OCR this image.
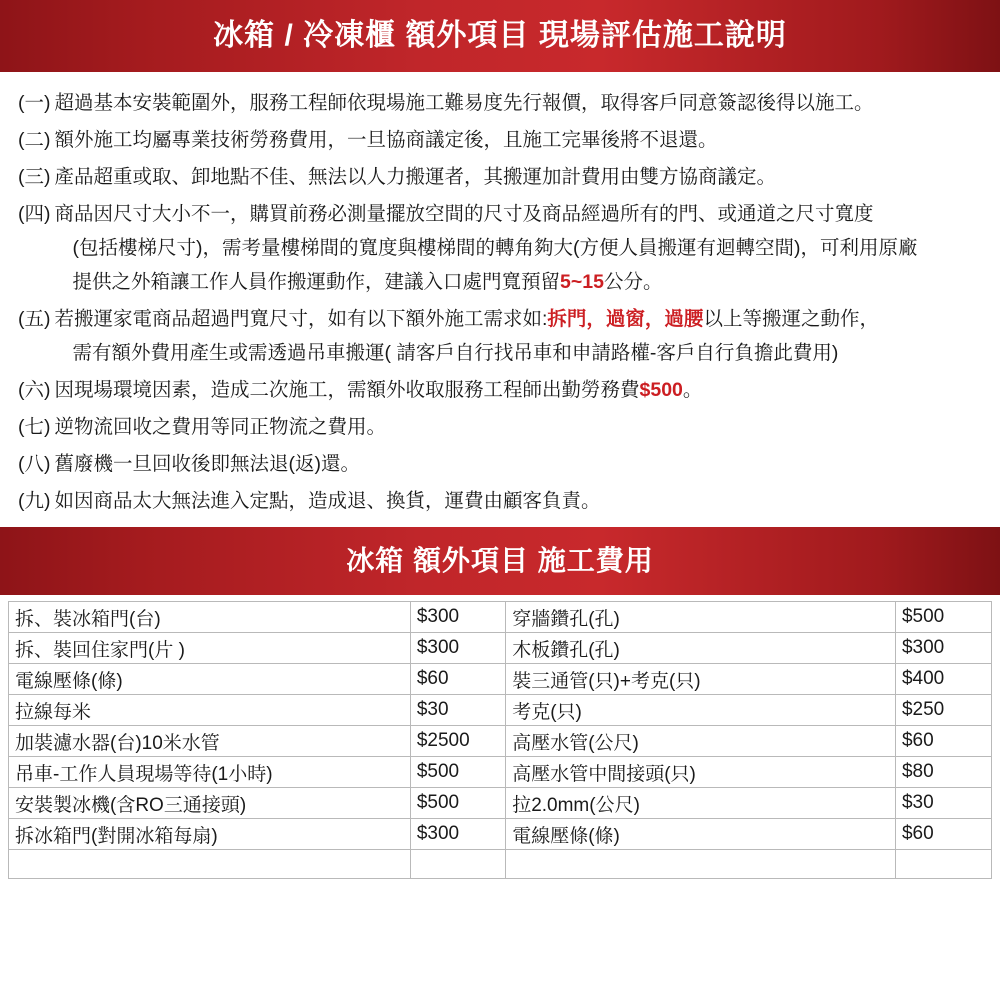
冰箱 / 冷凍櫃 額外項目 現場評估施工說明
(一) 超過基本安裝範圍外，服務工程師依現場施工難易度先行報價，取得客戶同意簽認後得以施工。
(二) 額外施工均屬專業技術勞務費用，一旦協商議定後，且施工完畢後將不退還。
(三) 產品超重或取、卸地點不佳、無法以人力搬運者，其搬運加計費用由雙方協商議定。
(四) 商品因尺寸大小不一，購買前務必測量擺放空間的尺寸及商品經過所有的門、或通道之尺寸寬度
(包括樓梯尺寸)，需考量樓梯間的寬度與樓梯間的轉角夠大(方便人員搬運有迴轉空間)，可利用原廠
提供之外箱讓工作人員作搬運動作，建議入口處門寬預留5~15公分。
(五) 若搬運家電商品超過門寬尺寸，如有以下額外施工需求如:拆門，過窗，過腰以上等搬運之動作，
需有額外費用產生或需透過吊車搬運( 請客戶自行找吊車和申請路權-客戶自行負擔此費用)
(六) 因現場環境因素，造成二次施工，需額外收取服務工程師出勤勞務費$500。
(七) 逆物流回收之費用等同正物流之費用。
(八) 舊廢機一旦回收後即無法退(返)還。
(九) 如因商品太大無法進入定點，造成退、換貨，運費由顧客負責。
冰箱 額外項目 施工費用
拆、裝冰箱門(台)	$300	穿牆鑽孔(孔)	$500
拆、裝回住家門(片 )	$300	木板鑽孔(孔)	$300
電線壓條(條)	$60	裝三通管(只)+考克(只)	$400
拉線每米	$30	考克(只)	$250
加裝濾水器(台)10米水管	$2500	高壓水管(公尺)	$60
吊車-工作人員現場等待(1小時)	$500	高壓水管中間接頭(只)	$80
安裝製冰機(含RO三通接頭)	$500	拉2.0mm(公尺)	$30
拆冰箱門(對開冰箱每扇)	$300	電線壓條(條)	$60
